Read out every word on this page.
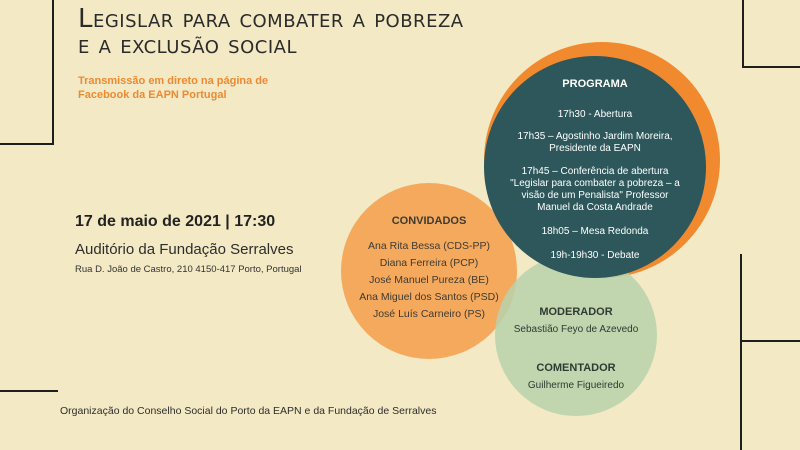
Legislar para combater a pobreza
e a exclusão social
Transmissão em direto na página de
Facebook da EAPN Portugal
17 de maio de 2021 | 17:30
Auditório da Fundação Serralves
Rua D. João de Castro, 210 4150-417 Porto, Portugal
PROGRAMA
17h30 - Abertura
17h35 – Agostinho Jardim Moreira, Presidente da EAPN
17h45 – Conferência de abertura "Legislar para combater a pobreza – a visão de um Penalista" Professor Manuel da Costa Andrade
18h05 – Mesa Redonda
19h-19h30 - Debate
CONVIDADOS
Ana Rita Bessa (CDS-PP)
Diana Ferreira (PCP)
José Manuel Pureza (BE)
Ana Miguel dos Santos (PSD)
José Luís Carneiro (PS)	MODERADOR
Sebastião Feyo de Azevedo
COMENTADOR
Guilherme Figueiredo
Organização do Conselho Social do Porto da EAPN e da Fundação de Serralves
